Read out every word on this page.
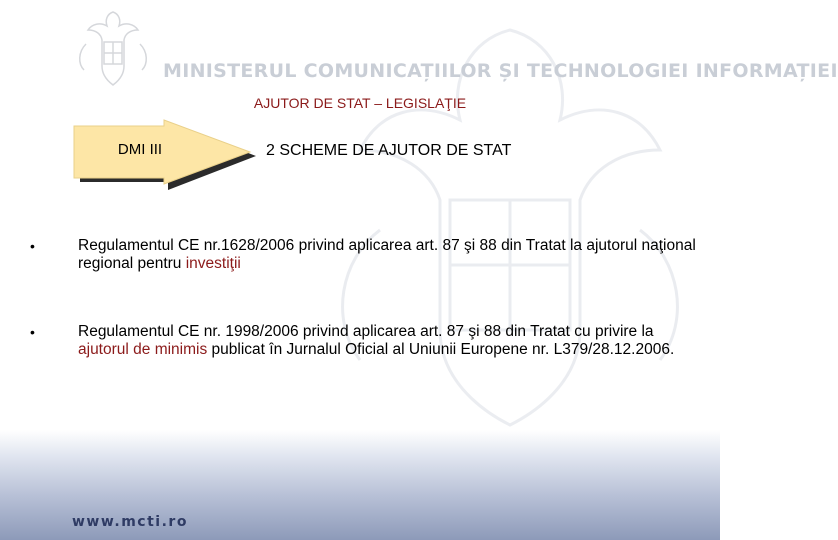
MINISTERUL COMUNICAȚIILOR ȘI TECHNOLOGIEI INFORMAȚIEI
AJUTOR DE STAT – LEGISLAŢIE
DMI III	2 SCHEME DE AJUTOR DE STAT
•	Regulamentul CE nr.1628/2006 privind aplicarea art. 87 şi 88 din Tratat la ajutorul naţional regional pentru investiţii
•	Regulamentul CE nr. 1998/2006 privind aplicarea art. 87 şi 88 din Tratat cu privire la ajutorul de minimis publicat în Jurnalul Oficial al Uniunii Europene nr. L379/28.12.2006.
www.mcti.ro
